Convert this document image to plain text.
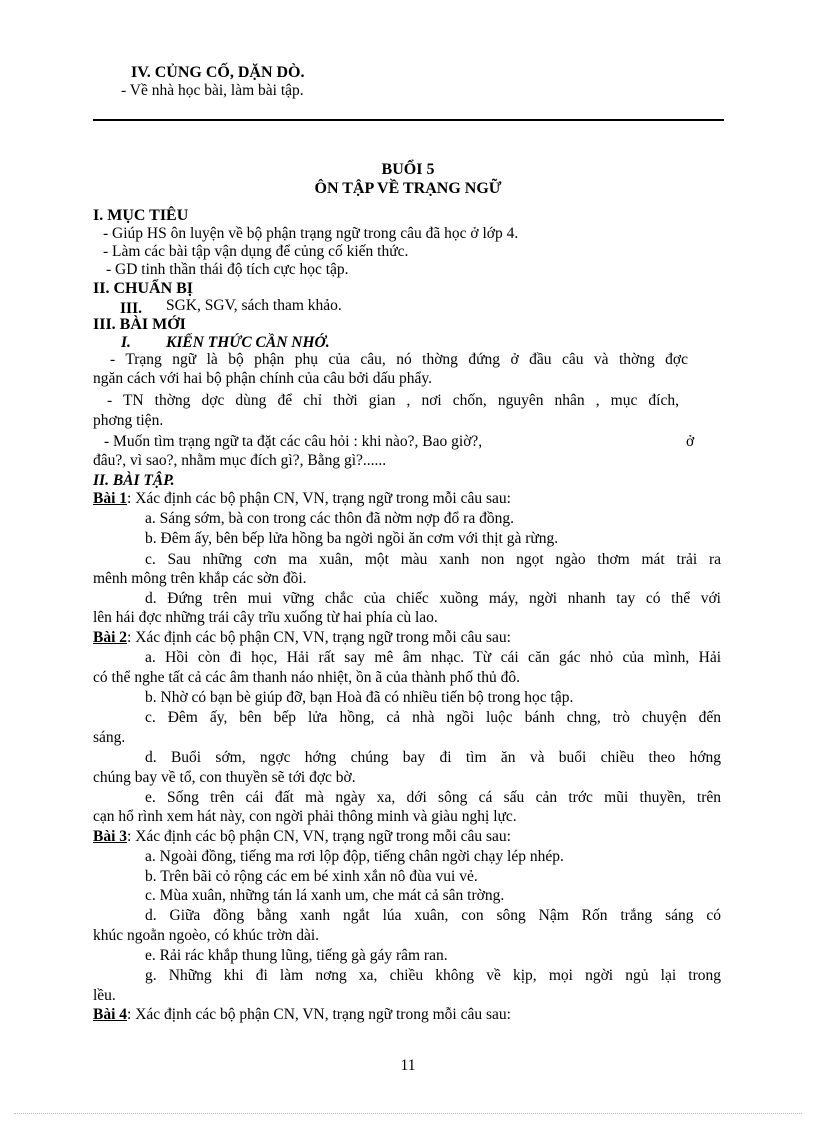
IV. CỦNG CỐ, DẶN DÒ.
- Về nhà học bài, làm bài tập.
BUỔI 5
ÔN TẬP VỀ TRẠNG NGỮ
I. MỤC TIÊU
- Giúp HS ôn luyện về bộ phận trạng ngữ trong câu đã học ở lớp 4.
- Làm các bài tập vận dụng để củng cố kiến thức.
- GD tinh thần thái độ tích cực học tập.
II. CHUẨN BỊ
III. SGK, SGV, sách tham khảo.
III. BÀI MỚI
I. KIẾN THỨC CẦN NHỚ.
- Trạng ngữ là bộ phận phụ của câu, nó thờng đứng ở đầu câu và thờng đợc
ngăn cách với hai bộ phận chính của câu bởi dấu phẩy.
- TN thờng dợc dùng để chỉ thời gian , nơi chốn, nguyên nhân , mục đích,
phơng tiện.
- Muốn tìm trạng ngữ ta đặt các câu hỏi : khi nào?, Bao giờ?,	ở
đâu?, vì sao?, nhằm mục đích gì?, Bằng gì?......
II. BÀI TẬP.
Bài 1: Xác định các bộ phận CN, VN, trạng ngữ trong mỗi câu sau:
a. Sáng sớm, bà con trong các thôn đã nờm nợp đổ ra đồng.
b. Đêm ấy, bên bếp lửa hồng ba ngời ngồi ăn cơm với thịt gà rừng.
c. Sau những cơn ma xuân, một màu xanh non ngọt ngào thơm mát trải ra
mênh mông trên khắp các sờn đồi.
d. Đứng trên mui vững chắc của chiếc xuồng máy, ngời nhanh tay có thể với
lên hái đợc những trái cây trĩu xuống từ hai phía cù lao.
Bài 2: Xác định các bộ phận CN, VN, trạng ngữ trong mỗi câu sau:
a. Hồi còn đi học, Hải rất say mê âm nhạc. Từ cái căn gác nhỏ của mình, Hải
có thể nghe tất cả các âm thanh náo nhiệt, ồn ã của thành phố thủ đô.
b. Nhờ có bạn bè giúp đỡ, bạn Hoà đã có nhiều tiến bộ trong học tập.
c. Đêm ấy, bên bếp lửa hồng, cả nhà ngồi luộc bánh chng, trò chuyện đến
sáng.
d. Buổi sớm, ngợc hớng chúng bay đi tìm ăn và buổi chiều theo hớng
chúng bay về tổ, con thuyền sẽ tới đợc bờ.
e. Sống trên cái đất mà ngày xa, dới sông cá sấu cản trớc mũi thuyền, trên
cạn hổ rình xem hát này, con ngời phải thông minh và giàu nghị lực.
Bài 3: Xác định các bộ phận CN, VN, trạng ngữ trong mỗi câu sau:
a. Ngoài đồng, tiếng ma rơi lộp độp, tiếng chân ngời chạy lép nhép.
b. Trên bãi cỏ rộng các em bé xinh xắn nô đùa vui vẻ.
c. Mùa xuân, những tán lá xanh um, che mát cả sân trờng.
d. Giữa đồng bằng xanh ngắt lúa xuân, con sông Nậm Rốn trắng sáng có
khúc ngoằn ngoèo, có khúc trờn dài.
e. Rải rác khắp thung lũng, tiếng gà gáy râm ran.
g. Những khi đi làm nơng xa, chiều không về kịp, mọi ngời ngủ lại trong
lều.
Bài 4: Xác định các bộ phận CN, VN, trạng ngữ trong mỗi câu sau:
11
